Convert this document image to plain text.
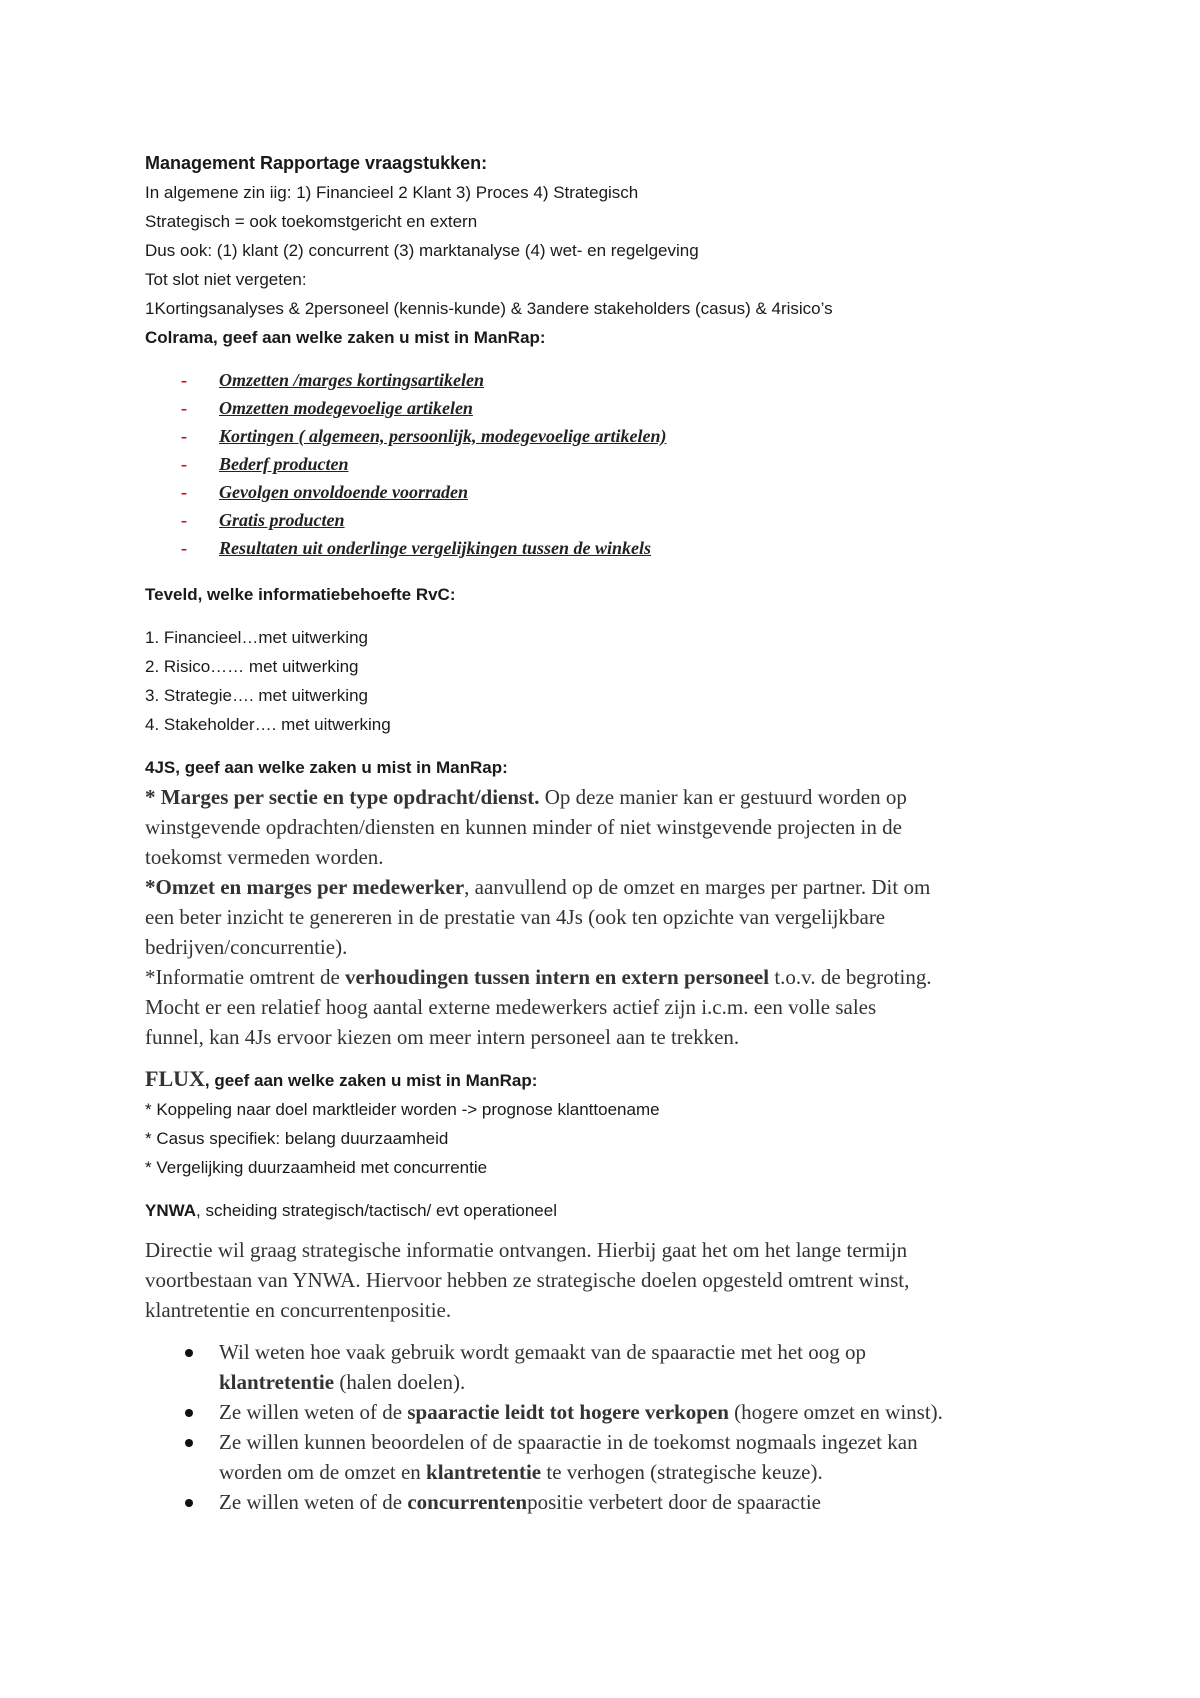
Management Rapportage vraagstukken:
In algemene zin iig: 1) Financieel 2 Klant 3) Proces 4) Strategisch
Strategisch = ook toekomstgericht en extern
Dus ook: (1) klant (2) concurrent (3) marktanalyse (4) wet- en regelgeving
Tot slot niet vergeten:
1Kortingsanalyses & 2personeel (kennis-kunde) & 3andere stakeholders (casus) & 4risico’s
Colrama, geef aan welke zaken u mist in ManRap:
- Omzetten /marges kortingsartikelen
- Omzetten modegevoelige artikelen
- Kortingen ( algemeen, persoonlijk, modegevoelige artikelen)
- Bederf producten
- Gevolgen onvoldoende voorraden
- Gratis producten
- Resultaten uit onderlinge vergelijkingen tussen de winkels
Teveld, welke informatiebehoefte RvC:
1. Financieel…met uitwerking
2. Risico…… met uitwerking
3. Strategie…. met uitwerking
4. Stakeholder…. met uitwerking
4JS, geef aan welke zaken u mist in ManRap:
* Marges per sectie en type opdracht/dienst. Op deze manier kan er gestuurd worden op
winstgevende opdrachten/diensten en kunnen minder of niet winstgevende projecten in de
toekomst vermeden worden.
*Omzet en marges per medewerker, aanvullend op de omzet en marges per partner. Dit om
een beter inzicht te genereren in de prestatie van 4Js (ook ten opzichte van vergelijkbare
bedrijven/concurrentie).
*Informatie omtrent de verhoudingen tussen intern en extern personeel t.o.v. de begroting.
Mocht er een relatief hoog aantal externe medewerkers actief zijn i.c.m. een volle sales
funnel, kan 4Js ervoor kiezen om meer intern personeel aan te trekken.
FLUX, geef aan welke zaken u mist in ManRap:
* Koppeling naar doel marktleider worden -> prognose klanttoename
* Casus specifiek: belang duurzaamheid
* Vergelijking duurzaamheid met concurrentie
YNWA, scheiding strategisch/tactisch/ evt operationeel
Directie wil graag strategische informatie ontvangen. Hierbij gaat het om het lange termijn
voortbestaan van YNWA. Hiervoor hebben ze strategische doelen opgesteld omtrent winst,
klantretentie en concurrentenpositie.
Wil weten hoe vaak gebruik wordt gemaakt van de spaaractie met het oog op
klantretentie (halen doelen).
Ze willen weten of de spaaractie leidt tot hogere verkopen (hogere omzet en winst).
Ze willen kunnen beoordelen of de spaaractie in de toekomst nogmaals ingezet kan
worden om de omzet en klantretentie te verhogen (strategische keuze).
Ze willen weten of de concurrentenpositie verbetert door de spaaractie
